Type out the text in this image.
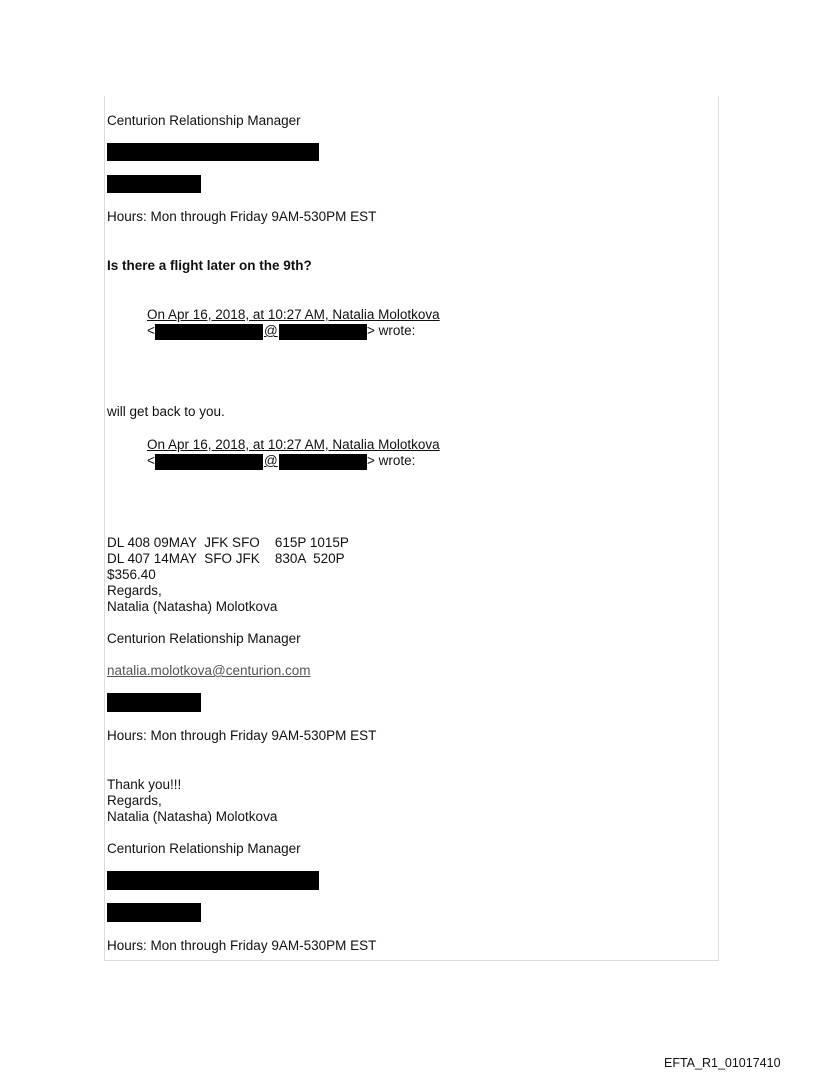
Centurion Relationship Manager
Hours: Mon through Friday 9AM-530PM EST
Is there a flight later on the 9th?
On Apr 16, 2018, at 10:27 AM, Natalia Molotkova
<	@	> wrote:
will get back to you.
On Apr 16, 2018, at 10:27 AM, Natalia Molotkova
<	@	> wrote:
DL 408 09MAY  JFK SFO    615P 1015P
DL 407 14MAY  SFO JFK    830A  520P
$356.40
Regards,
Natalia (Natasha) Molotkova
Centurion Relationship Manager
natalia.molotkova@centurion.com
Hours: Mon through Friday 9AM-530PM EST
Thank you!!!
Regards,
Natalia (Natasha) Molotkova
Centurion Relationship Manager
Hours: Mon through Friday 9AM-530PM EST
EFTA_R1_01017410
